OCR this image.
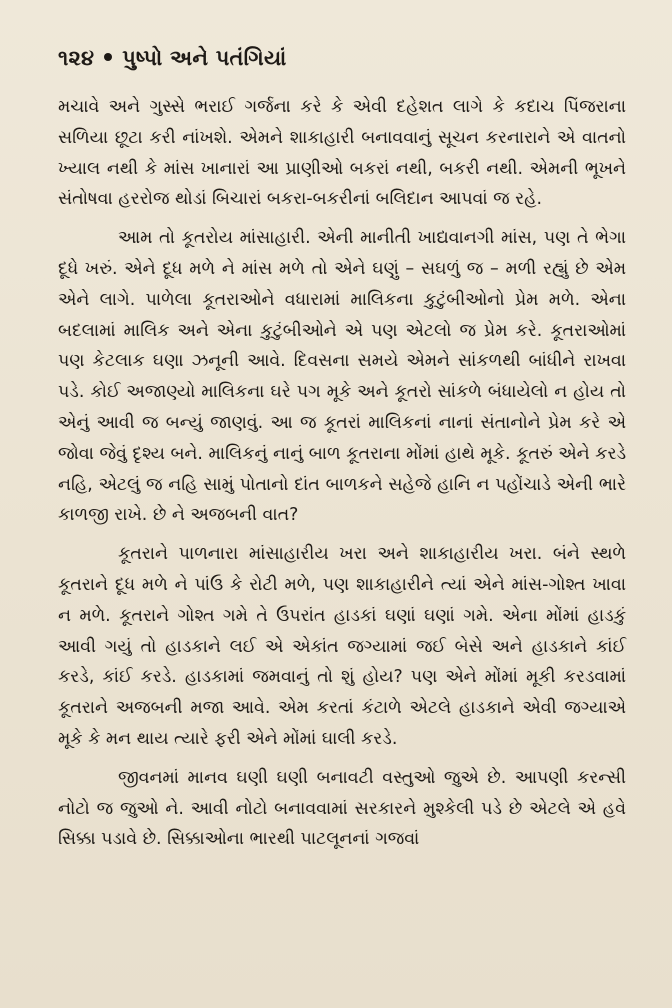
૧૨૪ પુષ્પો અને પતંગિયાં

મચાવે અને ગુસ્સે ભરાઈ ગર્જના કરે કે એવી દહેશત લાગે કે કદાચ પિંજરાના સળિયા છૂટા કરી નાંખશે. એમને શાકાહારી બનાવવાનું સૂચન કરનારાને એ વાતનો ખ્યાલ નથી કે માંસ ખાનારાં આ પ્રાણીઓ બકરાં નથી, બકરી નથી. એમની ભૂખને સંતોષવા હરરોજ થોડાં બિચારાં બકરા-બકરીનાં બલિદાન આપવાં જ રહે.

આમ તો કૂતરોય માંસાહારી. એની માનીતી ખાદ્યવાનગી માંસ, પણ તે ભેગા દૂધે ખરું. એને દૂધ મળે ને માંસ મળે તો એને ઘણું – સઘળું જ – મળી રહ્યું છે એમ એને લાગે. પાળેલા કૂતરાઓને વધારામાં માલિકના કુટુંબીઓનો પ્રેમ મળે. એના બદલામાં માલિક અને એના કુટુંબીઓને એ પણ એટલો જ પ્રેમ કરે. કૂતરાઓમાં પણ કેટલાક ઘણા ઝનૂની આવે. દિવસના સમયે એમને સાંકળથી બાંધીને રાખવા પડે. કોઈ અજાણ્યો માલિકના ઘરે પગ મૂકે અને કૂતરો સાંકળે બંધાયેલો ન હોય તો એનું આવી જ બન્યું જાણવું. આ જ કૂતરાં માલિકનાં નાનાં સંતાનોને પ્રેમ કરે એ જોવા જેવું દૃશ્ય બને. માલિકનું નાનું બાળ કૂતરાના મોંમાં હાથે મૂકે. કૂતરું એને કરડે નહિ, એટલું જ નહિ સામું પોતાનો દાંત બાળકને સહેજે હાનિ ન પહોંચાડે એની ભારે કાળજી રાખે. છે ને અજબની વાત?

કૂતરાને પાળનારા માંસાહારીય ખરા અને શાકાહારીય ખરા. બંને સ્થળે કૂતરાને દૂધ મળે ને પાંઉ કે રોટી મળે, પણ શાકાહારીને ત્યાં એને માંસ-ગોશ્ત ખાવા ન મળે. કૂતરાને ગોશ્ત ગમે તે ઉપરાંત હાડકાં ઘણાં ઘણાં ગમે. એના મોંમાં હાડકું આવી ગયું તો હાડકાને લઈ એ એકાંત જગ્યામાં જઈ બેસે અને હાડકાને કાંઈ કરડે, કાંઈ કરડે. હાડકામાં જમવાનું તો શું હોય? પણ એને મોંમાં મૂકી કરડવામાં કૂતરાને અજબની મજા આવે. એમ કરતાં કંટાળે એટલે હાડકાને એવી જગ્યાએ મૂકે કે મન થાય ત્યારે ફરી એને મોંમાં ઘાલી કરડે.

જીવનમાં માનવ ઘણી ઘણી બનાવટી વસ્તુઓ જુએ છે. આપણી કરન્સી નોટો જ જુઓ ને. આવી નોટો બનાવવામાં સરકારને મુશ્કેલી પડે છે એટલે એ હવે સિક્કા પડાવે છે. સિક્કાઓના ભારથી પાટલૂનનાં ગજવાં
